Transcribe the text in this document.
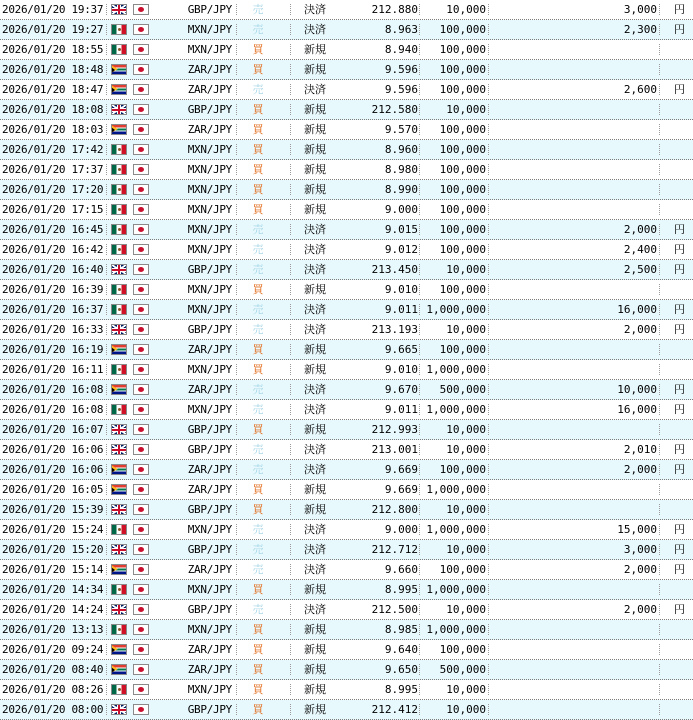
2026/01/20 19:37	GBP/JPY	売	決済	212.880	10,000	3,000 円
2026/01/20 19:27	MXN/JPY	売	決済	8.963	100,000	2,300 円
2026/01/20 18:55	MXN/JPY	買	新規	8.940	100,000
2026/01/20 18:48	ZAR/JPY	買	新規	9.596	100,000
2026/01/20 18:47	ZAR/JPY	売	決済	9.596	100,000	2,600 円
2026/01/20 18:08	GBP/JPY	買	新規	212.580	10,000
2026/01/20 18:03	ZAR/JPY	買	新規	9.570	100,000
2026/01/20 17:42	MXN/JPY	買	新規	8.960	100,000
2026/01/20 17:37	MXN/JPY	買	新規	8.980	100,000
2026/01/20 17:20	MXN/JPY	買	新規	8.990	100,000
2026/01/20 17:15	MXN/JPY	買	新規	9.000	100,000
2026/01/20 16:45	MXN/JPY	売	決済	9.015	100,000	2,000 円
2026/01/20 16:42	MXN/JPY	売	決済	9.012	100,000	2,400 円
2026/01/20 16:40	GBP/JPY	売	決済	213.450	10,000	2,500 円
2026/01/20 16:39	MXN/JPY	買	新規	9.010	100,000
2026/01/20 16:37	MXN/JPY	売	決済	9.011 1,000,000	16,000 円
2026/01/20 16:33	GBP/JPY	売	決済	213.193	10,000	2,000 円
2026/01/20 16:19	ZAR/JPY	買	新規	9.665	100,000
2026/01/20 16:11	MXN/JPY	買	新規	9.010 1,000,000
2026/01/20 16:08	ZAR/JPY	売	決済	9.670	500,000	10,000 円
2026/01/20 16:08	MXN/JPY	売	決済	9.011 1,000,000	16,000 円
2026/01/20 16:07	GBP/JPY	買	新規	212.993	10,000
2026/01/20 16:06	GBP/JPY	売	決済	213.001	10,000	2,010 円
2026/01/20 16:06	ZAR/JPY	売	決済	9.669	100,000	2,000 円
2026/01/20 16:05	ZAR/JPY	買	新規	9.669 1,000,000
2026/01/20 15:39	GBP/JPY	買	新規	212.800	10,000
2026/01/20 15:24	MXN/JPY	売	決済	9.000 1,000,000	15,000 円
2026/01/20 15:20	GBP/JPY	売	決済	212.712	10,000	3,000 円
2026/01/20 15:14	ZAR/JPY	売	決済	9.660	100,000	2,000 円
2026/01/20 14:34	MXN/JPY	買	新規	8.995 1,000,000
2026/01/20 14:24	GBP/JPY	売	決済	212.500	10,000	2,000 円
2026/01/20 13:13	MXN/JPY	買	新規	8.985 1,000,000
2026/01/20 09:24	ZAR/JPY	買	新規	9.640	100,000
2026/01/20 08:40	ZAR/JPY	買	新規	9.650	500,000
2026/01/20 08:26	MXN/JPY	買	新規	8.995	10,000
2026/01/20 08:00	GBP/JPY	買	新規	212.412	10,000
